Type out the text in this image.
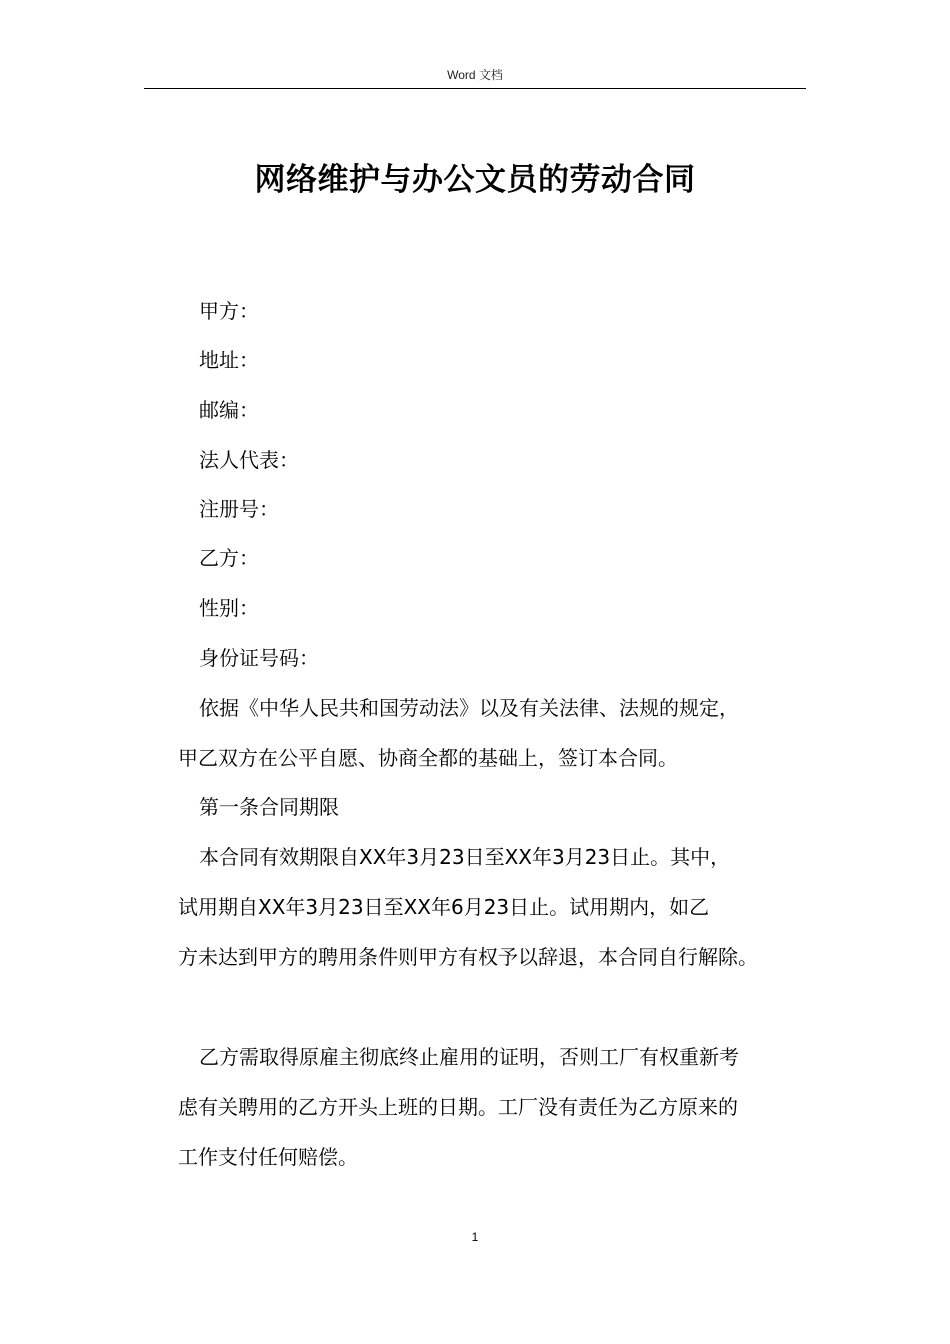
Word 文档
网络维护与办公文员的劳动合同
甲方：
地址：
邮编：
法人代表：
注册号：
乙方：
性别：
身份证号码：
依据《中华人民共和国劳动法》以及有关法律、法规的规定，
甲乙双方在公平自愿、协商全都的基础上，签订本合同。
第一条合同期限
本合同有效期限自XX年3月23日至XX年3月23日止。其中，
试用期自XX年3月23日至XX年6月23日止。试用期内，如乙
方未达到甲方的聘用条件则甲方有权予以辞退，本合同自行解除。
乙方需取得原雇主彻底终止雇用的证明，否则工厂有权重新考
虑有关聘用的乙方开头上班的日期。工厂没有责任为乙方原来的
工作支付任何赔偿。
1
